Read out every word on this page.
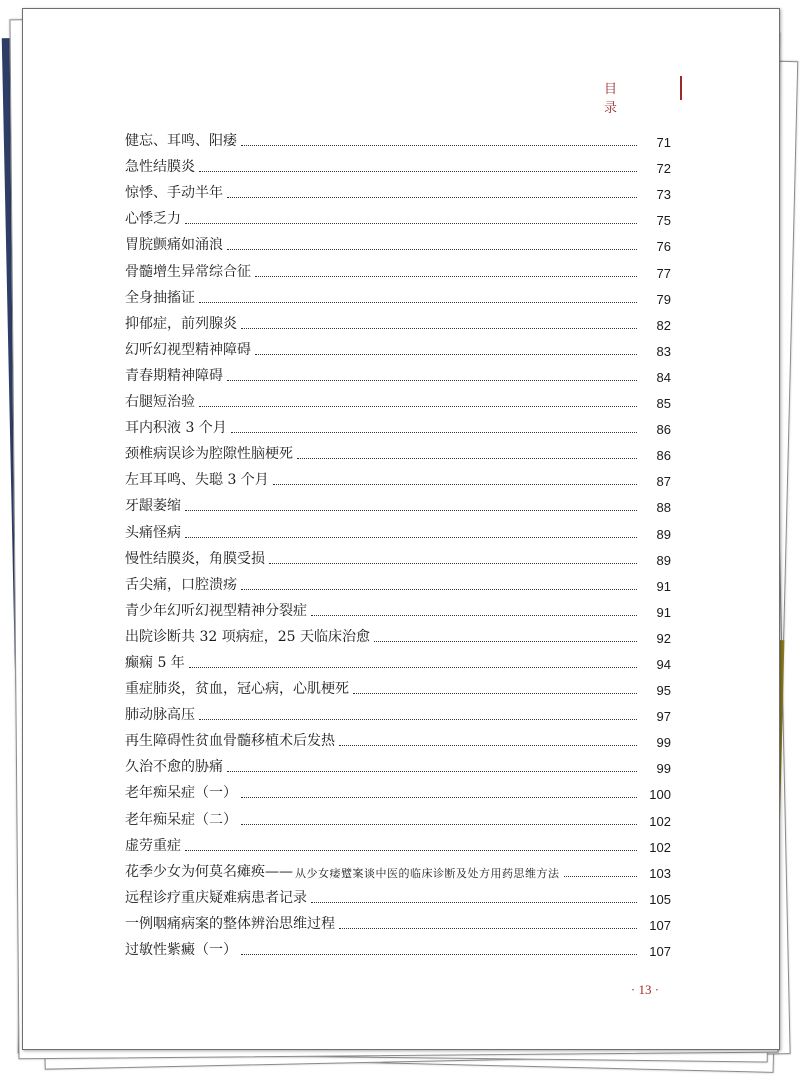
目 录
健忘、耳鸣、阳痿	71
急性结膜炎	72
惊悸、手动半年	73
心悸乏力	75
胃脘颤痛如涌浪	76
骨髓增生异常综合征	77
全身抽搐证	79
抑郁症，前列腺炎	82
幻听幻视型精神障碍	83
青春期精神障碍	84
右腿短治验	85
耳内积液 3 个月	86
颈椎病误诊为腔隙性脑梗死	86
左耳耳鸣、失聪 3 个月	87
牙龈萎缩	88
头痛怪病	89
慢性结膜炎，角膜受损	89
舌尖痛，口腔溃疡	91
青少年幻听幻视型精神分裂症	91
出院诊断共 32 项病症，25 天临床治愈	92
癫痫 5 年	94
重症肺炎，贫血，冠心病，心肌梗死	95
肺动脉高压	97
再生障碍性贫血骨髓移植术后发热	99
久治不愈的胁痛	99
老年痴呆症（一）	100
老年痴呆症（二）	102
虚劳重症	102
花季少女为何莫名瘫痪—— 从少女痿躄案谈中医的临床诊断及处方用药思维方法	103
远程诊疗重庆疑难病患者记录	105
一例咽痛病案的整体辨治思维过程	107
过敏性紫癜（一）	107
· 13 ·
